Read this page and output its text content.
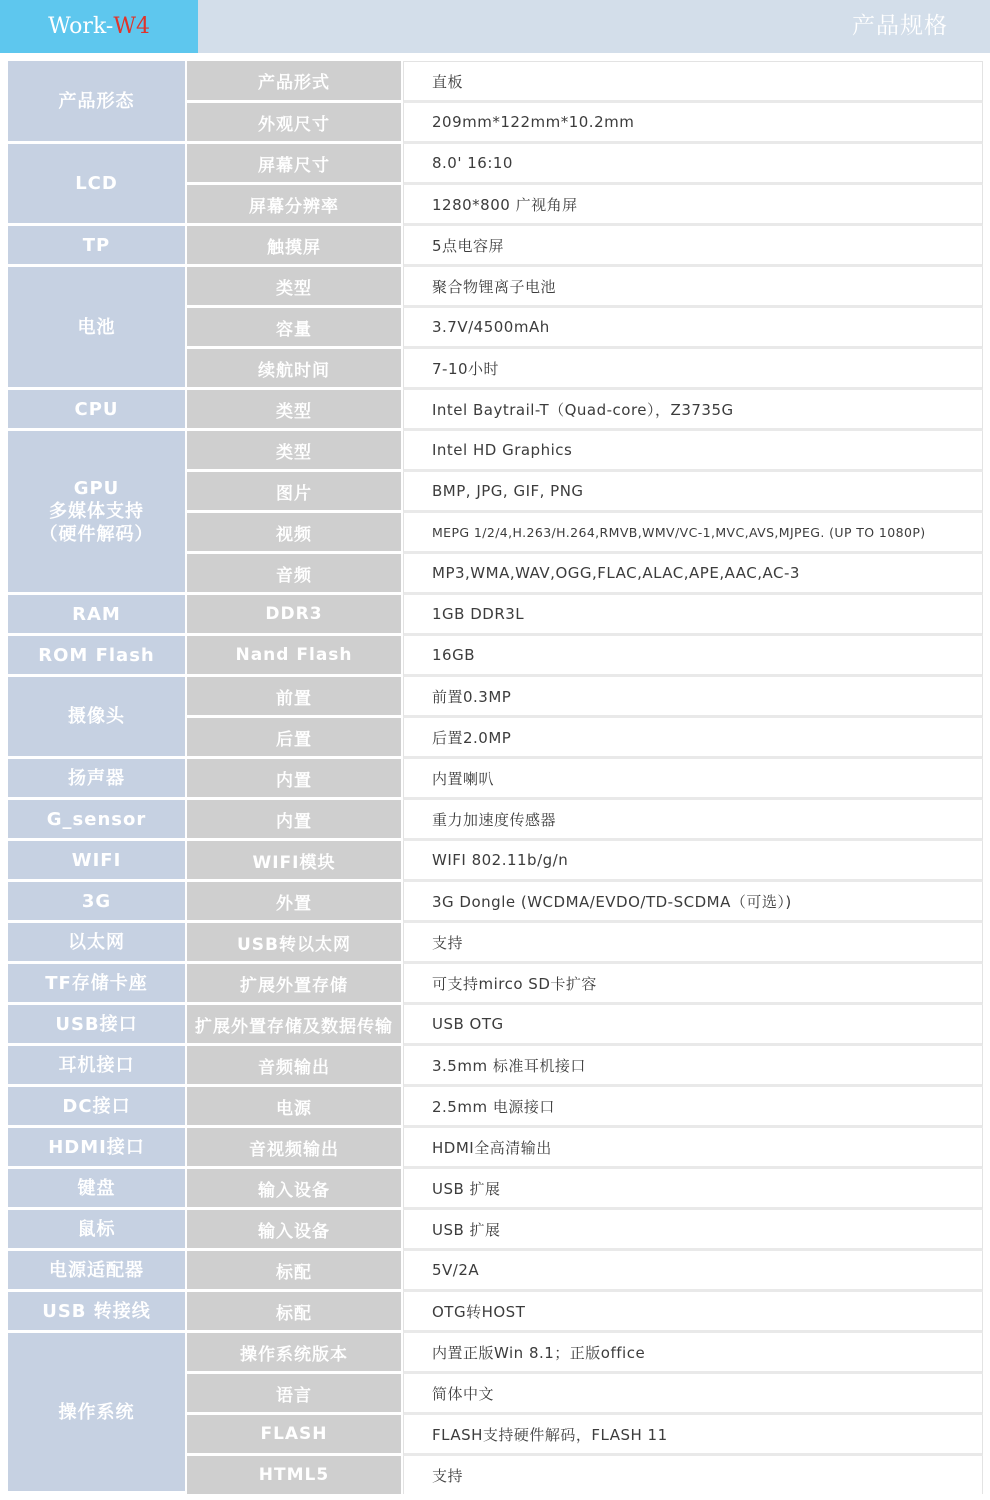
Work- W4	产品规格
产品形态	产品形式	直板
	外观尺寸	209mm*122mm*10.2mm

LCD	屏幕尺寸	8.0' 16:10
	屏幕分辨率	1280*800 广视角屏

TP	触摸屏	5点电容屏

电池	类型	聚合物锂离子电池
	容量	3.7V/4500mAh
	续航时间	7-10小时

CPU	类型	Intel Baytrail-T（Quad-core），Z3735G

GPU
多媒体支持
（硬件解码）	类型	Intel HD Graphics
	图片	BMP, JPG, GIF, PNG
	视频	MEPG 1/2/4,H.263/H.264,RMVB,WMV/VC-1,MVC,AVS,MJPEG. (UP TO 1080P)
	音频	MP3,WMA,WAV,OGG,FLAC,ALAC,APE,AAC,AC-3

RAM	DDR3	1GB DDR3L

ROM Flash	Nand Flash	16GB

摄像头	前置	前置0.3MP
	后置	后置2.0MP

扬声器	内置	内置喇叭

G_sensor	内置	重力加速度传感器

WIFI	WIFI模块	WIFI 802.11b/g/n

3G	外置	3G Dongle (WCDMA/EVDO/TD-SCDMA（可选）)

以太网	USB转以太网	支持

TF存储卡座	扩展外置存储	可支持mirco SD卡扩容

USB接口	扩展外置存储及数据传输	USB OTG

耳机接口	音频输出	3.5mm 标准耳机接口

DC接口	电源	2.5mm 电源接口

HDMI接口	音视频输出	HDMI全高清输出

键盘	输入设备	USB 扩展

鼠标	输入设备	USB 扩展

电源适配器	标配	5V/2A

USB 转接线	标配	OTG转HOST

操作系统	操作系统版本	内置正版Win 8.1；正版office
	语言	简体中文
	FLASH	FLASH支持硬件解码，FLASH 11
	HTML5	支持
